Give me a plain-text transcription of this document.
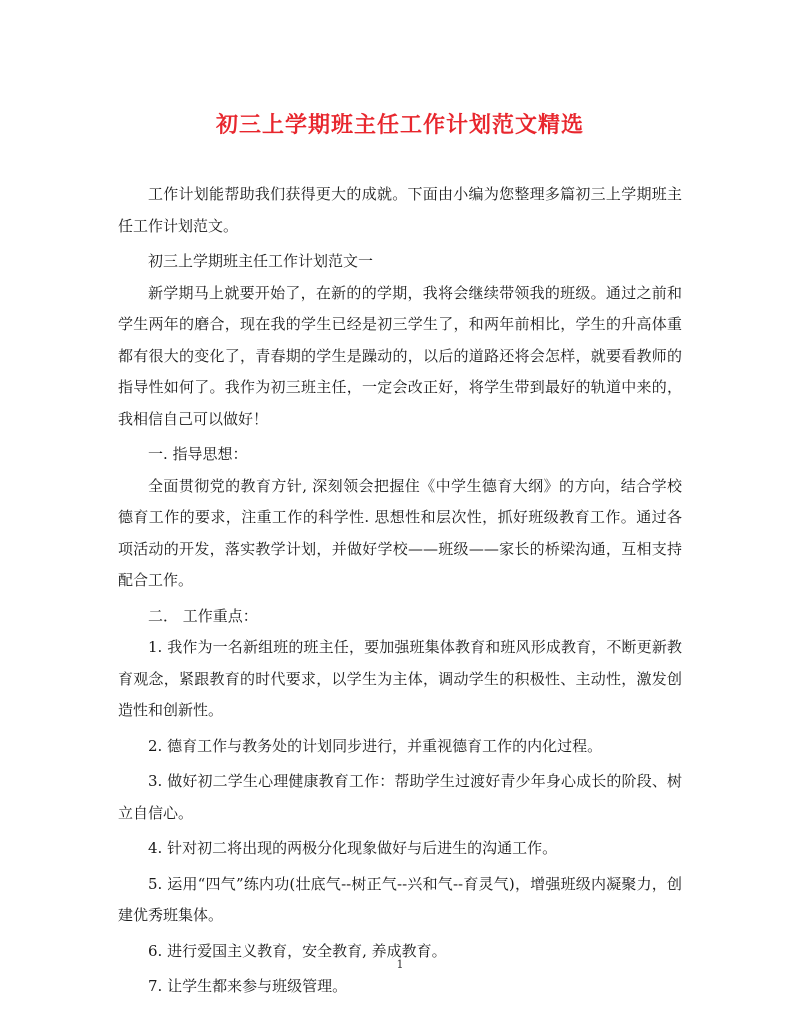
初三上学期班主任工作计划范文精选

工作计划能帮助我们获得更大的成就。下面由小编为您整理多篇初三上学期班主任工作计划范文。

初三上学期班主任工作计划范文一

新学期马上就要开始了，在新的的学期，我将会继续带领我的班级。通过之前和学生两年的磨合，现在我的学生已经是初三学生了，和两年前相比，学生的升高体重都有很大的变化了，青春期的学生是躁动的，以后的道路还将会怎样，就要看教师的指导性如何了。我作为初三班主任，一定会改正好，将学生带到最好的轨道中来的，我相信自己可以做好！

一. 指导思想：

全面贯彻党的教育方针, 深刻领会把握住《中学生德育大纲》的方向，结合学校德育工作的要求，注重工作的科学性. 思想性和层次性，抓好班级教育工作。通过各项活动的开发，落实教学计划，并做好学校——班级——家长的桥梁沟通，互相支持配合工作。

二． 工作重点：

1. 我作为一名新组班的班主任，要加强班集体教育和班风形成教育，不断更新教育观念，紧跟教育的时代要求，以学生为主体，调动学生的积极性、主动性，激发创造性和创新性。

2. 德育工作与教务处的计划同步进行，并重视德育工作的内化过程。

3. 做好初二学生心理健康教育工作：帮助学生过渡好青少年身心成长的阶段、树立自信心。

4. 针对初二将出现的两极分化现象做好与后进生的沟通工作。

5. 运用“四气”练内功(壮底气--树正气--兴和气--育灵气)，增强班级内凝聚力，创建优秀班集体。

6. 进行爱国主义教育，安全教育, 养成教育。

7. 让学生都来参与班级管理。

1
